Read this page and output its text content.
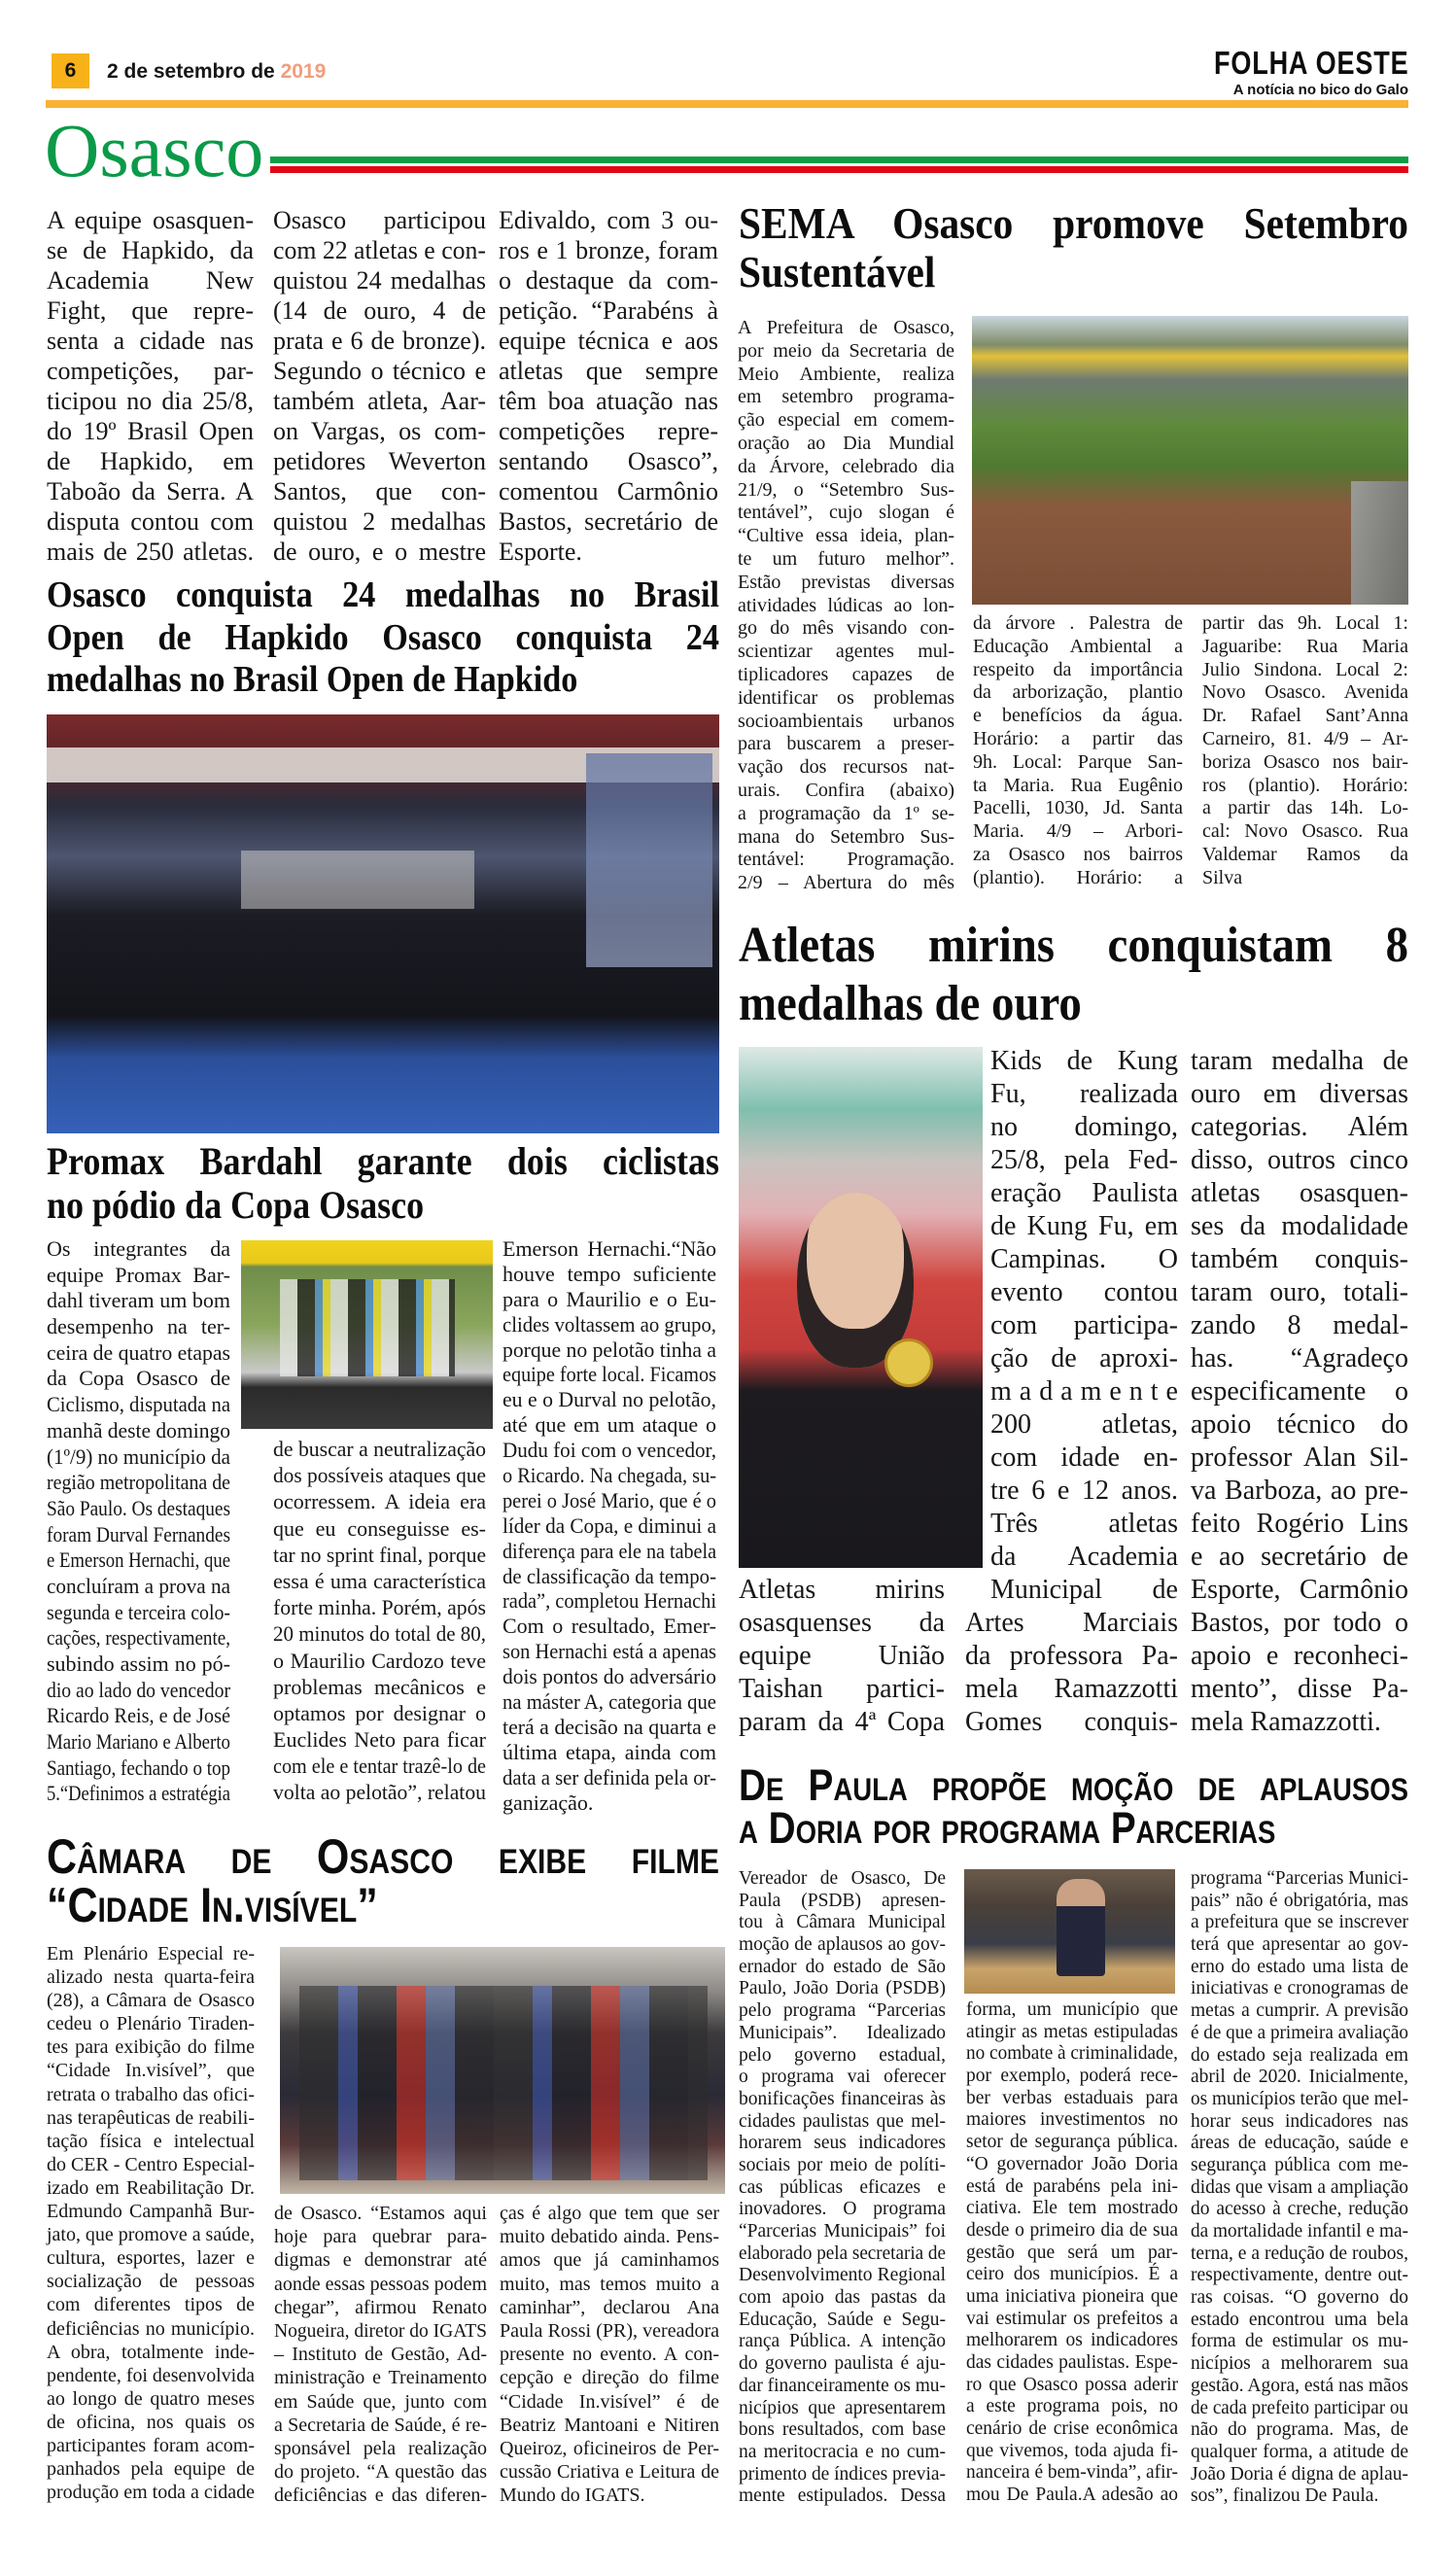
6 2 de setembro de 2019	FOLHA OESTE
A notícia no bico do Galo
Osasco
A equipe osasquen-
se de Hapkido, da
Academia New
Fight, que repre-
senta a cidade nas
competições, par-
ticipou no dia 25/8,
do 19º Brasil Open
de Hapkido, em
Taboão da Serra. A
disputa contou com
mais de 250 atletas.
Osasco participou
com 22 atletas e con-
quistou 24 medalhas
(14 de ouro, 4 de
prata e 6 de bronze).
Segundo o técnico e
também atleta, Aar-
on Vargas, os com-
petidores Weverton
Santos, que con-
quistou 2 medalhas
de ouro, e o mestre
Edivaldo, com 3 ou-
ros e 1 bronze, foram
o destaque da com-
petição. “Parabéns à
equipe técnica e aos
atletas que sempre
têm boa atuação nas
competições repre-
sentando Osasco”,
comentou Carmônio
Bastos, secretário de
Esporte.
Osasco conquista 24 medalhas no Brasil
Open de Hapkido Osasco conquista 24
medalhas no Brasil Open de Hapkido
Promax Bardahl garante dois ciclistas
no pódio da Copa Osasco
Os integrantes da
equipe Promax Bar-
dahl tiveram um bom
desempenho na ter-
ceira de quatro etapas
da Copa Osasco de
Ciclismo, disputada na
manhã deste domingo
(1º/9) no município da
região metropolitana de
São Paulo. Os destaques
foram Durval Fernandes
e Emerson Hernachi, que
concluíram a prova na
segunda e terceira colo-
cações, respectivamente,
subindo assim no pó-
dio ao lado do vencedor
Ricardo Reis, e de José
Mario Mariano e Alberto
Santiago, fechando o top
5.“Definimos a estratégia
de buscar a neutralização
dos possíveis ataques que
ocorressem. A ideia era
que eu conseguisse es-
tar no sprint final, porque
essa é uma característica
forte minha. Porém, após
20 minutos do total de 80,
o Maurilio Cardozo teve
problemas mecânicos e
optamos por designar o
Euclides Neto para ficar
com ele e tentar trazê-lo de
volta ao pelotão”, relatou
Emerson Hernachi.“Não
houve tempo suficiente
para o Maurilio e o Eu-
clides voltassem ao grupo,
porque no pelotão tinha a
equipe forte local. Ficamos
eu e o Durval no pelotão,
até que em um ataque o
Dudu foi com o vencedor,
o Ricardo. Na chegada, su-
perei o José Mario, que é o
líder da Copa, e diminui a
diferença para ele na tabela
de classificação da tempo-
rada”, completou Hernachi
Com o resultado, Emer-
son Hernachi está a apenas
dois pontos do adversário
na máster A, categoria que
terá a decisão na quarta e
última etapa, ainda com
data a ser definida pela or-
ganização.
Câmara de Osasco exibe filme
“Cidade In.visível”
Em Plenário Especial re-
alizado nesta quarta-feira
(28), a Câmara de Osasco
cedeu o Plenário Tiraden-
tes para exibição do filme
“Cidade In.visível”, que
retrata o trabalho das ofici-
nas terapêuticas de reabili-
tação física e intelectual
do CER - Centro Especial-
izado em Reabilitação Dr.
Edmundo Campanhã Bur-
jato, que promove a saúde,
cultura, esportes, lazer e
socialização de pessoas
com diferentes tipos de
deficiências no município.
A obra, totalmente inde-
pendente, foi desenvolvida
ao longo de quatro meses
de oficina, nos quais os
participantes foram acom-
panhados pela equipe de
produção em toda a cidade
de Osasco. “Estamos aqui
hoje para quebrar para-
digmas e demonstrar até
aonde essas pessoas podem
chegar”, afirmou Renato
Nogueira, diretor do IGATS
– Instituto de Gestão, Ad-
ministração e Treinamento
em Saúde que, junto com
a Secretaria de Saúde, é re-
sponsável pela realização
do projeto. “A questão das
deficiências e das diferen-
ças é algo que tem que ser
muito debatido ainda. Pens-
amos que já caminhamos
muito, mas temos muito a
caminhar”, declarou Ana
Paula Rossi (PR), vereadora
presente no evento. A con-
cepção e direção do filme
“Cidade In.visível” é de
Beatriz Mantoani e Nitiren
Queiroz, oficineiros de Per-
cussão Criativa e Leitura de
Mundo do IGATS.
SEMA Osasco promove Setembro
Sustentável
A Prefeitura de Osasco,
por meio da Secretaria de
Meio Ambiente, realiza
em setembro programa-
ção especial em comem-
oração ao Dia Mundial
da Árvore, celebrado dia
21/9, o “Setembro Sus-
tentável”, cujo slogan é
“Cultive essa ideia, plan-
te um futuro melhor”.
Estão previstas diversas
atividades lúdicas ao lon-
go do mês visando con-
scientizar agentes mul-
tiplicadores capazes de
identificar os problemas
socioambientais urbanos
para buscarem a preser-
vação dos recursos nat-
urais. Confira (abaixo)
a programação da 1º se-
mana do Setembro Sus-
tentável: Programação.
2/9 – Abertura do mês
da árvore . Palestra de
Educação Ambiental a
respeito da importância
da arborização, plantio
e benefícios da água.
Horário: a partir das
9h. Local: Parque San-
ta Maria. Rua Eugênio
Pacelli, 1030, Jd. Santa
Maria. 4/9 – Arbori-
za Osasco nos bairros
(plantio). Horário: a
partir das 9h. Local 1:
Jaguaribe: Rua Maria
Julio Sindona. Local 2:
Novo Osasco. Avenida
Dr. Rafael Sant’Anna
Carneiro, 81. 4/9 – Ar-
boriza Osasco nos bair-
ros (plantio). Horário:
a partir das 14h. Lo-
cal: Novo Osasco. Rua
Valdemar Ramos da
Silva
Atletas mirins conquistam 8
medalhas de ouro
Atletas mirins
osasquenses da
equipe União
Taishan partici-
param da 4ª Copa
Kids de Kung
Fu, realizada
no domingo,
25/8, pela Fed-
eração Paulista
de Kung Fu, em
Campinas. O
evento contou
com participa-
ção de aproxi-
m a d a m e n t e
200 atletas,
com idade en-
tre 6 e 12 anos.
Três atletas
da Academia
Municipal de
Artes Marciais
da professora Pa-
mela Ramazzotti
Gomes conquis-
taram medalha de
ouro em diversas
categorias. Além
disso, outros cinco
atletas osasquen-
ses da modalidade
também conquis-
taram ouro, totali-
zando 8 medal-
has. “Agradeço
especificamente o
apoio técnico do
professor Alan Sil-
va Barboza, ao pre-
feito Rogério Lins
e ao secretário de
Esporte, Carmônio
Bastos, por todo o
apoio e reconheci-
mento”, disse Pa-
mela Ramazzotti.
De Paula propõe moção de aplausos
a Doria por programa Parcerias
Vereador de Osasco, De
Paula (PSDB) apresen-
tou à Câmara Municipal
moção de aplausos ao gov-
ernador do estado de São
Paulo, João Doria (PSDB)
pelo programa “Parcerias
Municipais”. Idealizado
pelo governo estadual,
o programa vai oferecer
bonificações financeiras às
cidades paulistas que mel-
horarem seus indicadores
sociais por meio de políti-
cas públicas eficazes e
inovadores. O programa
“Parcerias Municipais” foi
elaborado pela secretaria de
Desenvolvimento Regional
com apoio das pastas da
Educação, Saúde e Segu-
rança Pública. A intenção
do governo paulista é aju-
dar financeiramente os mu-
nicípios que apresentarem
bons resultados, com base
na meritocracia e no cum-
primento de índices previa-
mente estipulados. Dessa
forma, um município que
atingir as metas estipuladas
no combate à criminalidade,
por exemplo, poderá rece-
ber verbas estaduais para
maiores investimentos no
setor de segurança pública.
“O governador João Doria
está de parabéns pela ini-
ciativa. Ele tem mostrado
desde o primeiro dia de sua
gestão que será um par-
ceiro dos municípios. É a
uma iniciativa pioneira que
vai estimular os prefeitos a
melhorarem os indicadores
das cidades paulistas. Espe-
ro que Osasco possa aderir
a este programa pois, no
cenário de crise econômica
que vivemos, toda ajuda fi-
nanceira é bem-vinda”, afir-
mou De Paula.A adesão ao
programa “Parcerias Munici-
pais” não é obrigatória, mas
a prefeitura que se inscrever
terá que apresentar ao gov-
erno do estado uma lista de
iniciativas e cronogramas de
metas a cumprir. A previsão
é de que a primeira avaliação
do estado seja realizada em
abril de 2020. Inicialmente,
os municípios terão que mel-
horar seus indicadores nas
áreas de educação, saúde e
segurança pública com me-
didas que visam a ampliação
do acesso à creche, redução
da mortalidade infantil e ma-
terna, e a redução de roubos,
respectivamente, dentre out-
ras coisas. “O governo do
estado encontrou uma bela
forma de estimular os mu-
nicípios a melhorarem sua
gestão. Agora, está nas mãos
de cada prefeito participar ou
não do programa. Mas, de
qualquer forma, a atitude de
João Doria é digna de aplau-
sos”, finalizou De Paula.
